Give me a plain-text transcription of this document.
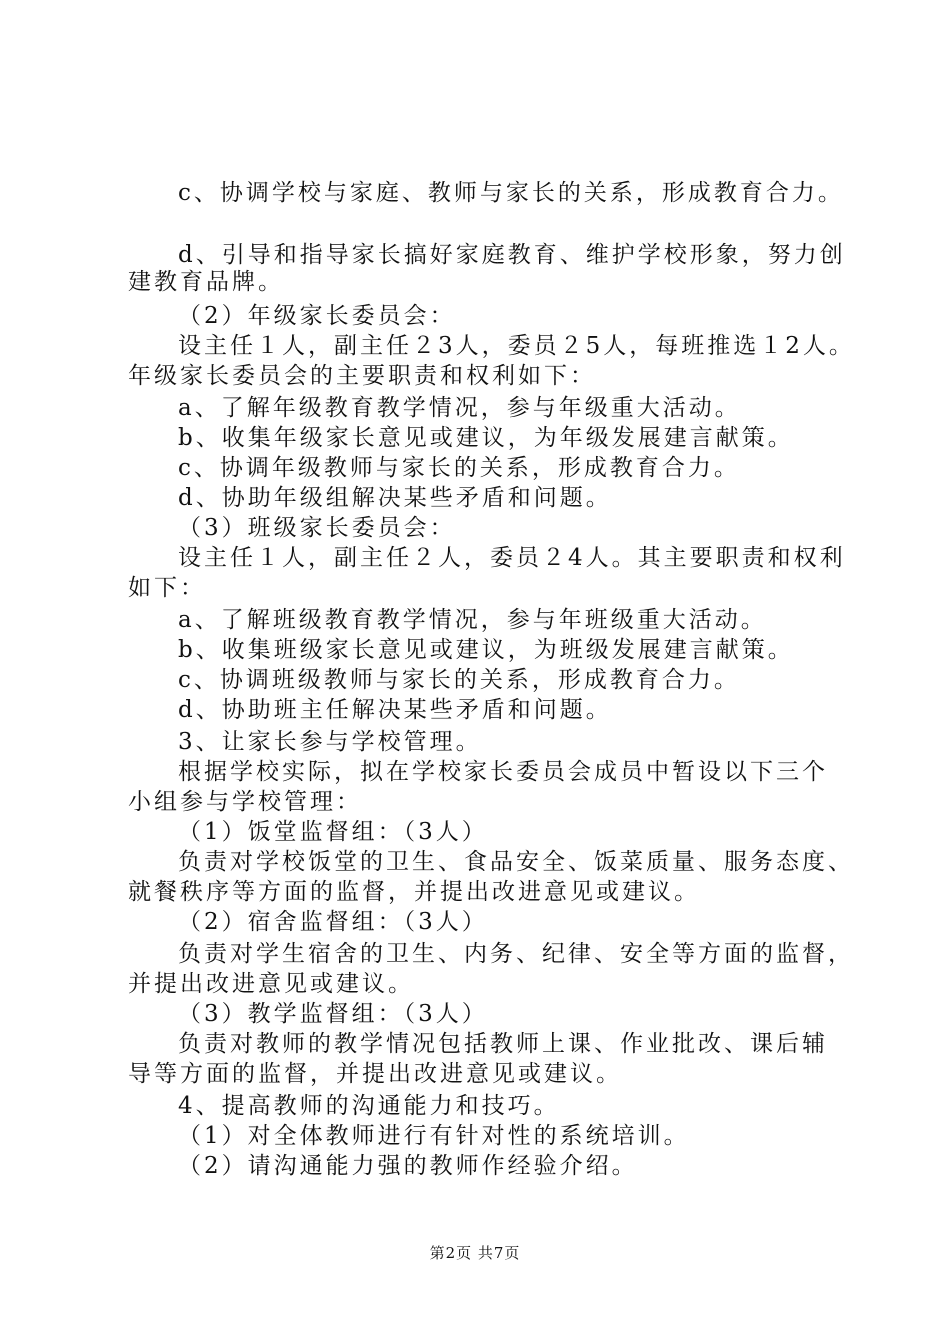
c、协调学校与家庭、教师与家长的关系，形成教育合力。
d、引导和指导家长搞好家庭教育、维护学校形象，努力创
建教育品牌。
（2）年级家长委员会：
设主任１人，副主任２3人，委员２5人，每班推选１2人。
年级家长委员会的主要职责和权利如下：
a、了解年级教育教学情况，参与年级重大活动。
b、收集年级家长意见或建议，为年级发展建言献策。
c、协调年级教师与家长的关系，形成教育合力。
d、协助年级组解决某些矛盾和问题。
（3）班级家长委员会：
设主任１人，副主任２人，委员２4人。其主要职责和权利
如下：
a、了解班级教育教学情况，参与年班级重大活动。
b、收集班级家长意见或建议，为班级发展建言献策。
c、协调班级教师与家长的关系，形成教育合力。
d、协助班主任解决某些矛盾和问题。
3、让家长参与学校管理。
根据学校实际，拟在学校家长委员会成员中暂设以下三个
小组参与学校管理：
（1）饭堂监督组：（3人）
负责对学校饭堂的卫生、食品安全、饭菜质量、服务态度、
就餐秩序等方面的监督，并提出改进意见或建议。
（2）宿舍监督组：（3人）
负责对学生宿舍的卫生、内务、纪律、安全等方面的监督，
并提出改进意见或建议。
（3）教学监督组：（3人）
负责对教师的教学情况包括教师上课、作业批改、课后辅
导等方面的监督，并提出改进意见或建议。
4、提高教师的沟通能力和技巧。
（1）对全体教师进行有针对性的系统培训。
（2）请沟通能力强的教师作经验介绍。
第2页 共7页
